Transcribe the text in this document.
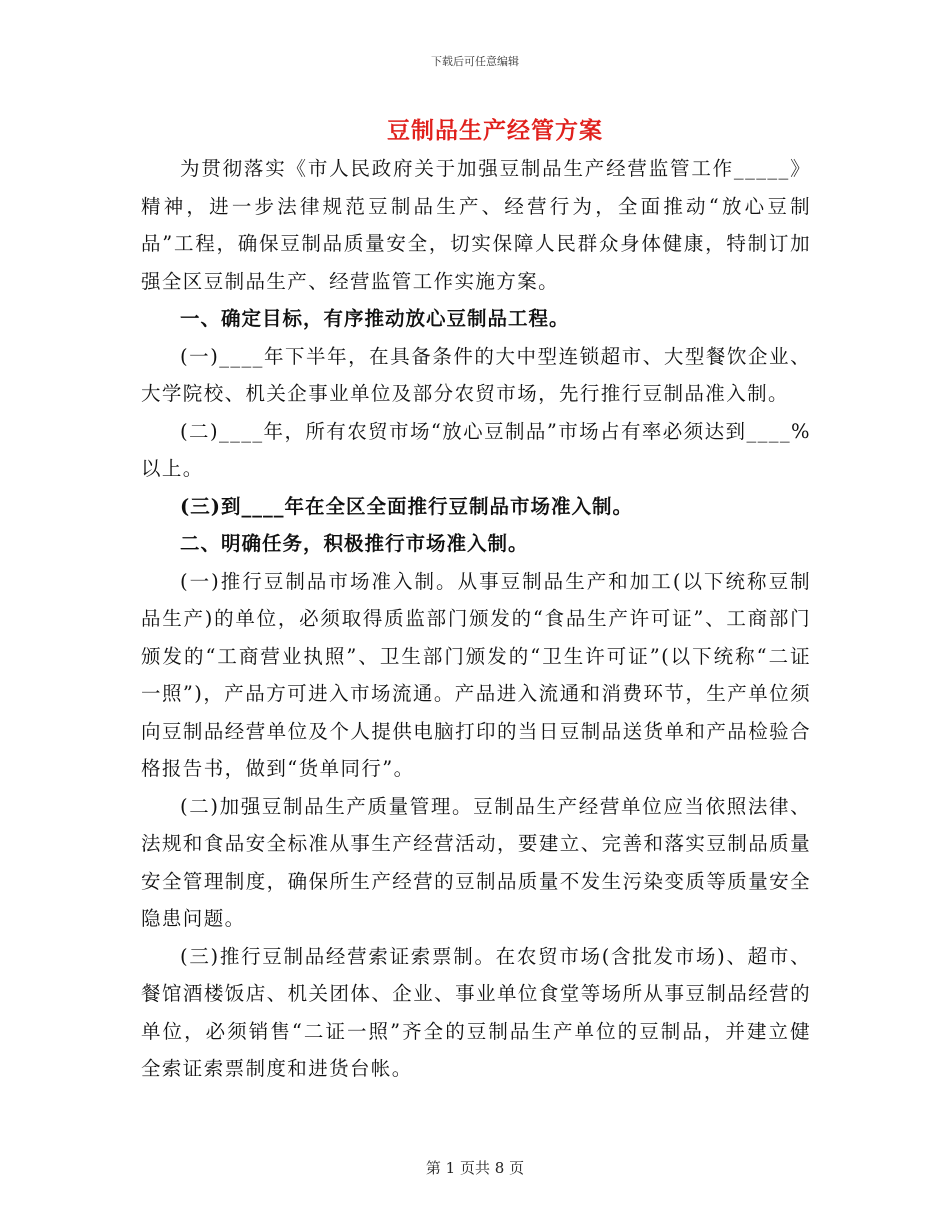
下载后可任意编辑
豆制品生产经管方案

为贯彻落实《市人民政府关于加强豆制品生产经营监管工作_____》精神，进一步法律规范豆制品生产、经营行为，全面推动“放心豆制品”工程，确保豆制品质量安全，切实保障人民群众身体健康，特制订加强全区豆制品生产、经营监管工作实施方案。

一、确定目标，有序推动放心豆制品工程。

(一)____年下半年，在具备条件的大中型连锁超市、大型餐饮企业、大学院校、机关企事业单位及部分农贸市场，先行推行豆制品准入制。

(二)____年，所有农贸市场“放心豆制品”市场占有率必须达到____%以上。

(三)到____年在全区全面推行豆制品市场准入制。

二、明确任务，积极推行市场准入制。

(一)推行豆制品市场准入制。从事豆制品生产和加工(以下统称豆制品生产)的单位，必须取得质监部门颁发的“食品生产许可证”、工商部门颁发的“工商营业执照”、卫生部门颁发的“卫生许可证”(以下统称“二证一照”)，产品方可进入市场流通。产品进入流通和消费环节，生产单位须向豆制品经营单位及个人提供电脑打印的当日豆制品送货单和产品检验合格报告书，做到“货单同行”。

(二)加强豆制品生产质量管理。豆制品生产经营单位应当依照法律、法规和食品安全标准从事生产经营活动，要建立、完善和落实豆制品质量安全管理制度，确保所生产经营的豆制品质量不发生污染变质等质量安全隐患问题。

(三)推行豆制品经营索证索票制。在农贸市场(含批发市场)、超市、餐馆酒楼饭店、机关团体、企业、事业单位食堂等场所从事豆制品经营的单位，必须销售“二证一照”齐全的豆制品生产单位的豆制品，并建立健全索证索票制度和进货台帐。

第 1 页共 8 页
